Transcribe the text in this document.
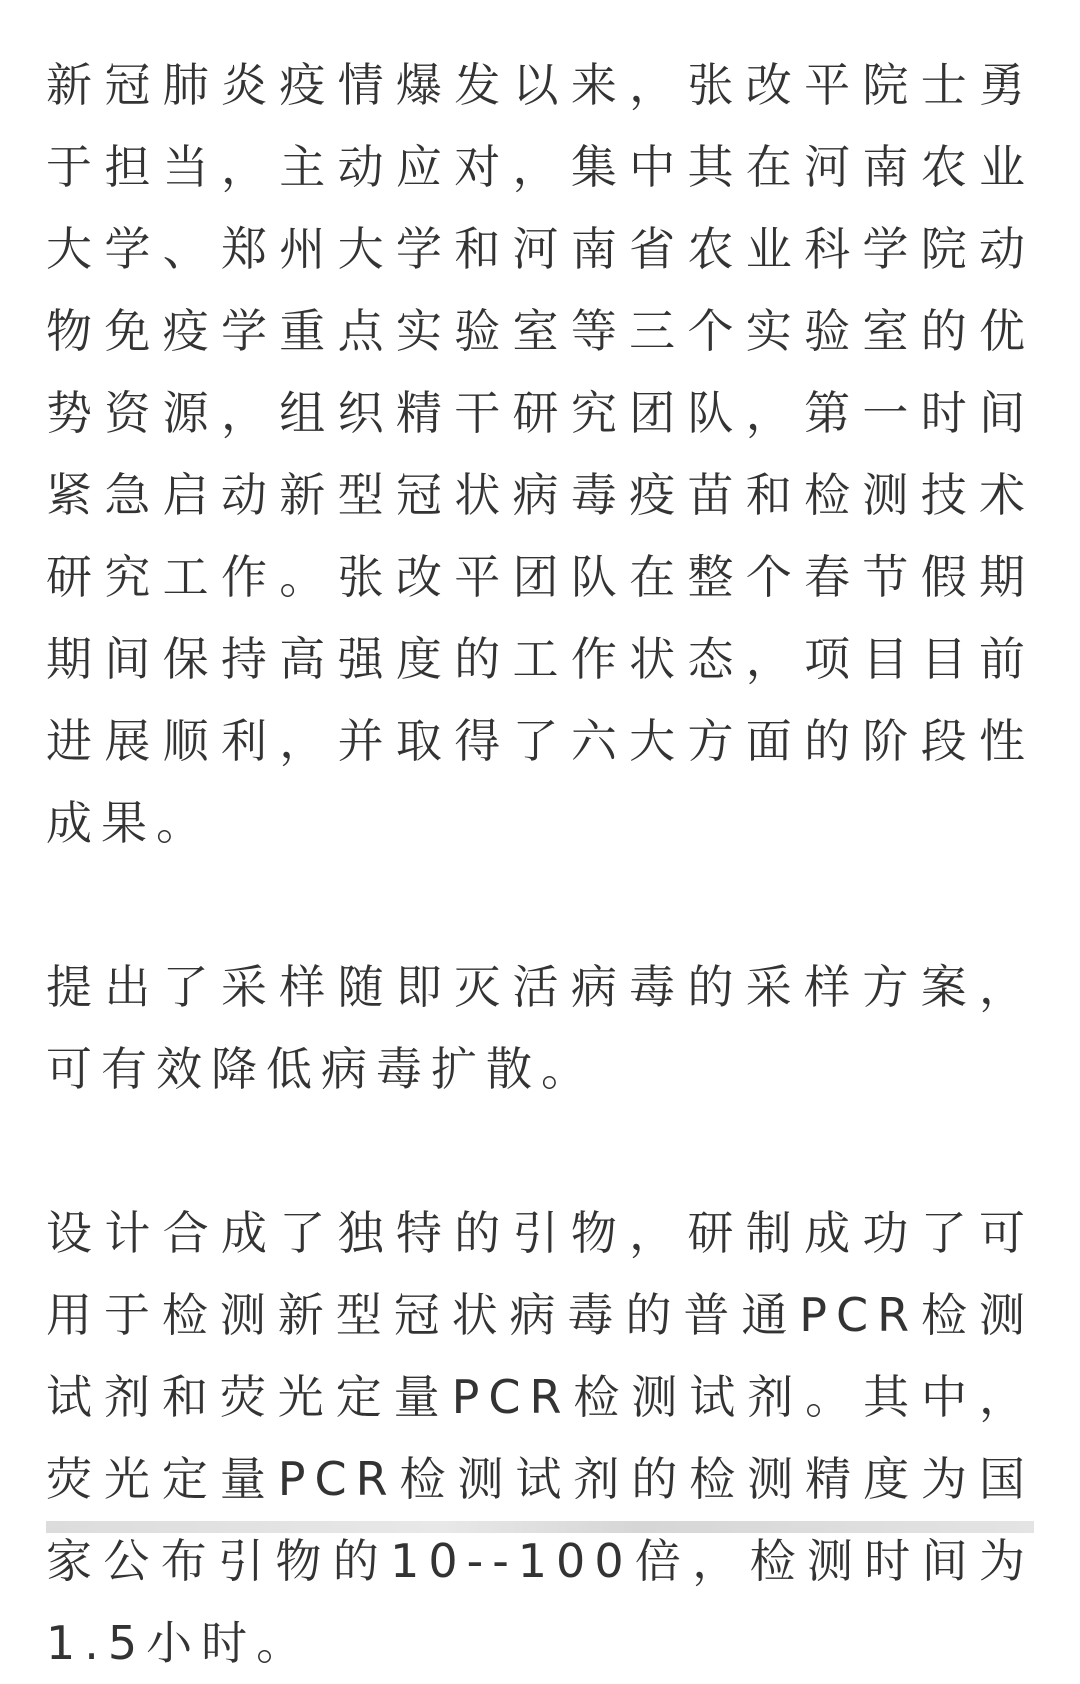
新冠肺炎疫情爆发以来，张改平院士勇于担当，主动应对，集中其在河南农业大学、郑州大学和河南省农业科学院动物免疫学重点实验室等三个实验室的优势资源，组织精干研究团队，第一时间紧急启动新型冠状病毒疫苗和检测技术研究工作。张改平团队在整个春节假期期间保持高强度的工作状态，项目目前进展顺利，并取得了六大方面的阶段性成果。

提出了采样随即灭活病毒的采样方案，可有效降低病毒扩散。

设计合成了独特的引物，研制成功了可用于检测新型冠状病毒的普通PCR检测试剂和荧光定量PCR检测试剂。其中，荧光定量PCR检测试剂的检测精度为国家公布引物的10--100倍，检测时间为1.5小时。
